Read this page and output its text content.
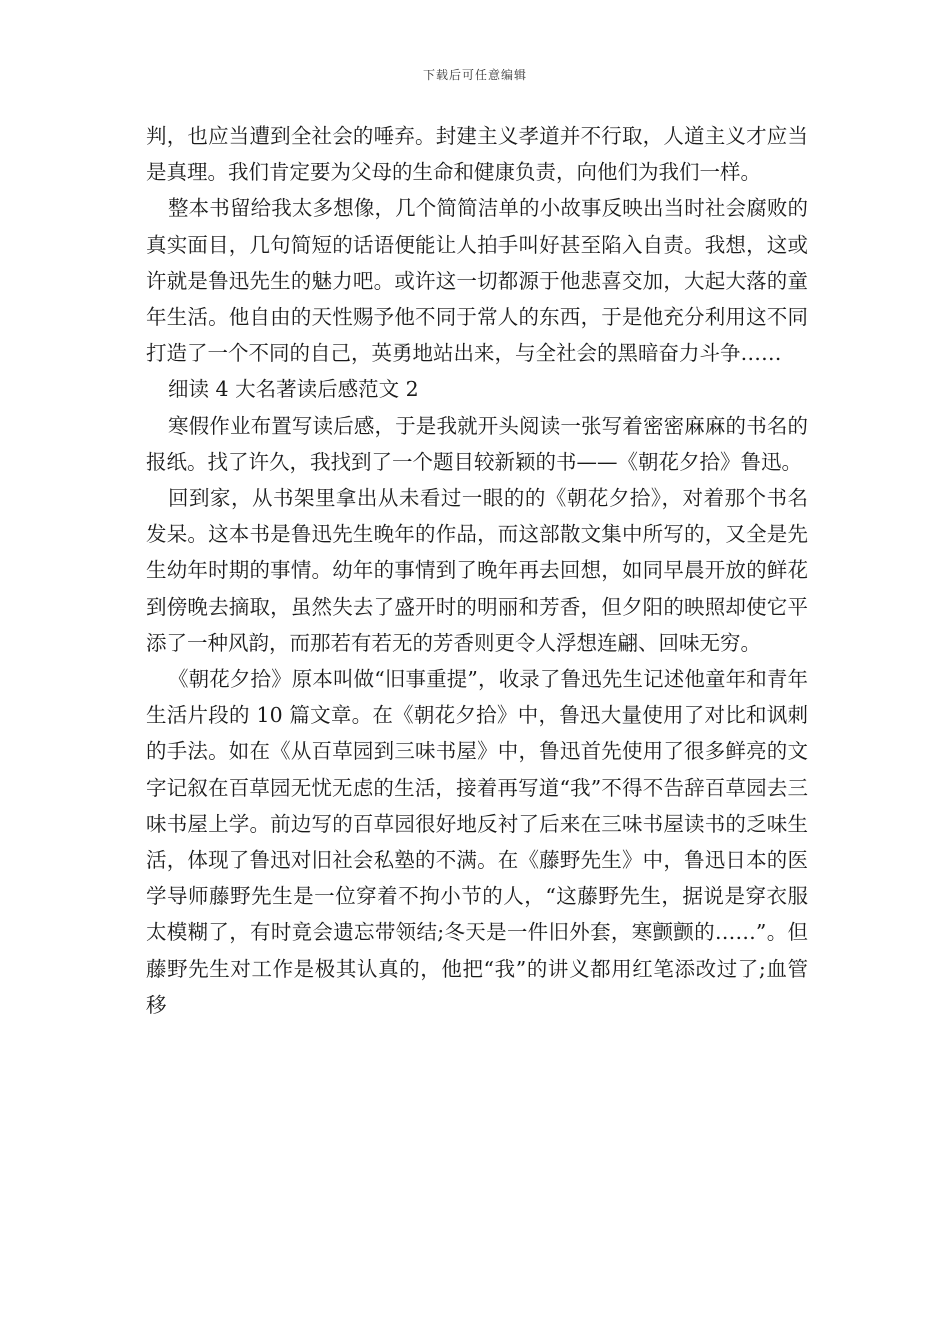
下载后可任意编辑

判，也应当遭到全社会的唾弃。封建主义孝道并不行取，人道主义才应当是真理。我们肯定要为父母的生命和健康负责，向他们为我们一样。

整本书留给我太多想像，几个简简洁单的小故事反映出当时社会腐败的真实面目，几句简短的话语便能让人拍手叫好甚至陷入自责。我想，这或许就是鲁迅先生的魅力吧。或许这一切都源于他悲喜交加，大起大落的童年生活。他自由的天性赐予他不同于常人的东西，于是他充分利用这不同打造了一个不同的自己，英勇地站出来，与全社会的黑暗奋力斗争……

细读 4 大名著读后感范文 2

寒假作业布置写读后感，于是我就开头阅读一张写着密密麻麻的书名的报纸。找了许久，我找到了一个题目较新颖的书——《朝花夕拾》鲁迅。

回到家，从书架里拿出从未看过一眼的的《朝花夕拾》，对着那个书名发呆。这本书是鲁迅先生晚年的作品，而这部散文集中所写的，又全是先生幼年时期的事情。幼年的事情到了晚年再去回想，如同早晨开放的鲜花到傍晚去摘取，虽然失去了盛开时的明丽和芳香，但夕阳的映照却使它平添了一种风韵，而那若有若无的芳香则更令人浮想连翩、回味无穷。

《朝花夕拾》原本叫做“旧事重提”，收录了鲁迅先生记述他童年和青年生活片段的 10 篇文章。在《朝花夕拾》中，鲁迅大量使用了对比和讽刺的手法。如在《从百草园到三味书屋》中，鲁迅首先使用了很多鲜亮的文字记叙在百草园无忧无虑的生活，接着再写道“我”不得不告辞百草园去三味书屋上学。前边写的百草园很好地反衬了后来在三味书屋读书的乏味生活，体现了鲁迅对旧社会私塾的不满。在《藤野先生》中，鲁迅日本的医学导师藤野先生是一位穿着不拘小节的人，“这藤野先生，据说是穿衣服太模糊了，有时竟会遗忘带领结;冬天是一件旧外套，寒颤颤的……”。但藤野先生对工作是极其认真的，他把“我”的讲义都用红笔添改过了;血管移
